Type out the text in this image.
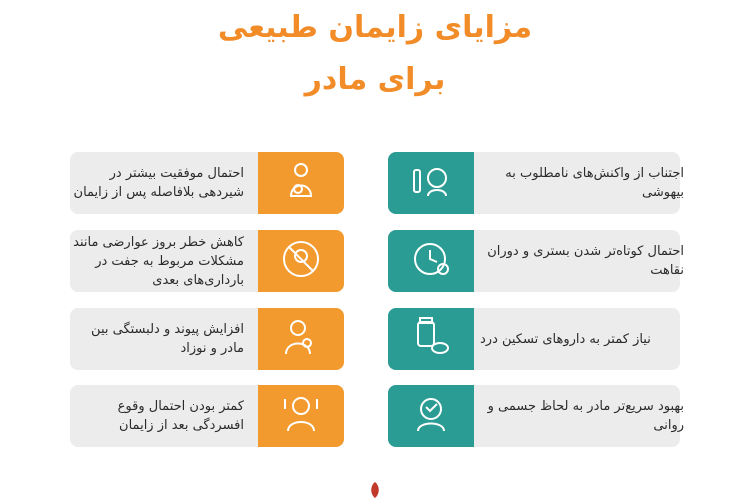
مزایای زایمان طبیعی
برای مادر
احتمال موفقیت بیشتر در شیردهی بلافاصله پس از زایمان
کاهش خطر بروز عوارضی مانند مشکلات مربوط به جفت در بارداری‌های بعدی
افزایش پیوند و دلبستگی بین مادر و نوزاد
کمتر بودن احتمال وقوع افسردگی بعد از زایمان
اجتناب از واکنش‌های نامطلوب به بیهوشی
احتمال کوتاه‌تر شدن بستری و دوران نقاهت
نیاز کمتر به داروهای تسکین درد
بهبود سریع‌تر مادر به لحاظ جسمی و روانی
